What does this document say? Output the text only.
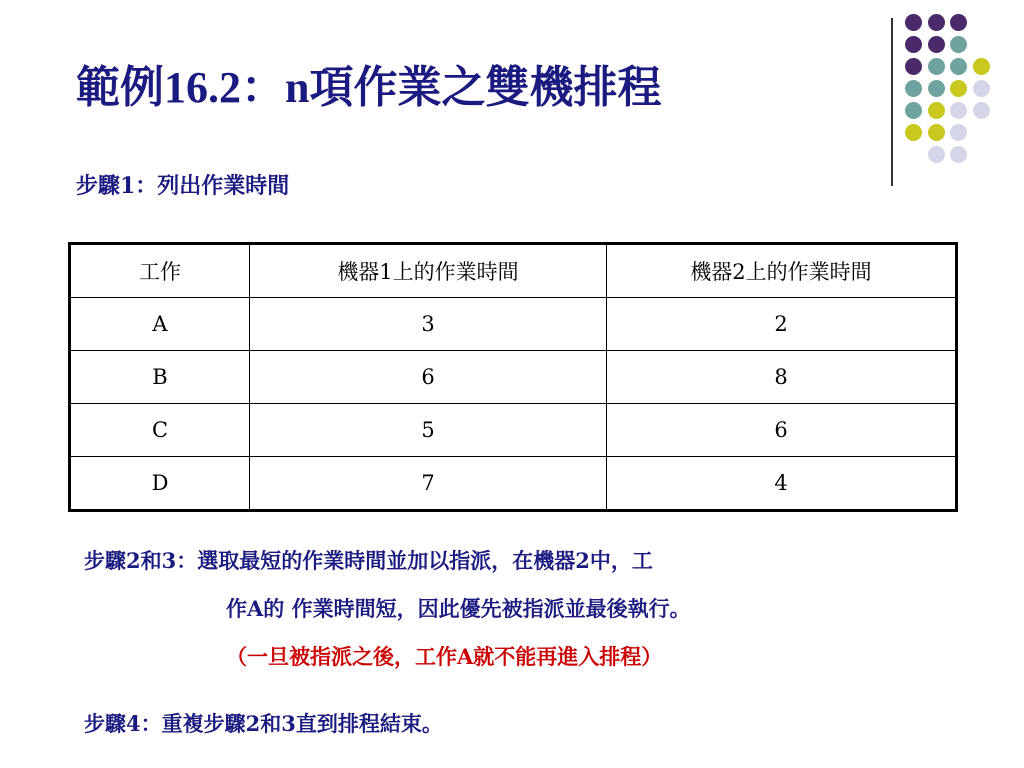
範例16.2：n項作業之雙機排程
步驟1：列出作業時間
工作	機器1上的作業時間	機器2上的作業時間
A	3	2
B	6	8
C	5	6
D	7	4
步驟2和3：選取最短的作業時間並加以指派，在機器2中，工
作A的 作業時間短，因此優先被指派並最後執行。
（一旦被指派之後，工作A就不能再進入排程）
步驟4：重複步驟2和3直到排程結束。
